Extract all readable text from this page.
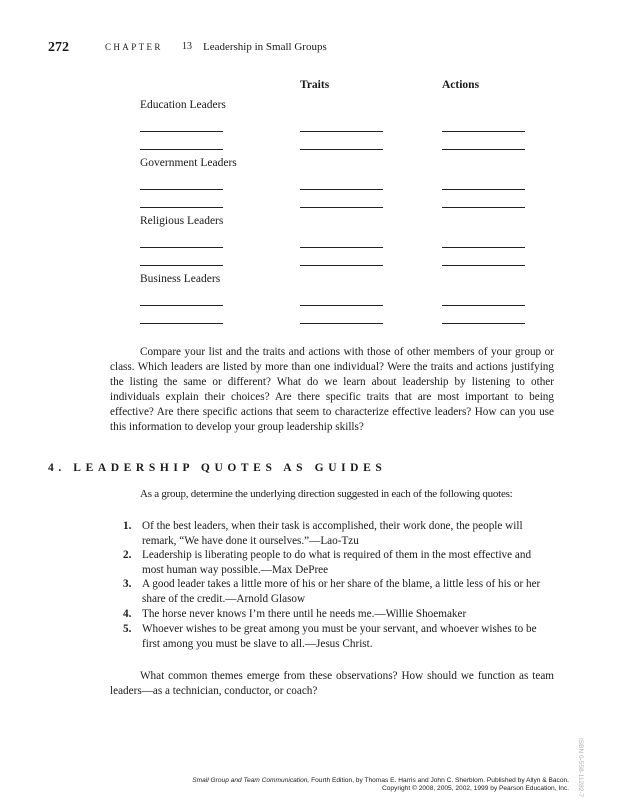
272	CHAPTER 13 Leadership in Small Groups
Traits	Actions
Education Leaders
Government Leaders
Religious Leaders
Business Leaders

Compare your list and the traits and actions with those of other members of your group or class. Which leaders are listed by more than one individual? Were the traits and actions justifying the listing the same or different? What do we learn about leadership by listening to other individuals explain their choices? Are there specific traits that are most important to being effective? Are there specific actions that seem to characterize effective leaders? How can you use this information to develop your group leadership skills?

4. LEADERSHIP QUOTES AS GUIDES
As a group, determine the underlying direction suggested in each of the following quotes:
1. Of the best leaders, when their task is accomplished, their work done, the people will remark, “We have done it ourselves.”—Lao-Tzu
2. Leadership is liberating people to do what is required of them in the most effective and most human way possible.—Max DePree
3. A good leader takes a little more of his or her share of the blame, a little less of his or her share of the credit.—Arnold Glasow
4. The horse never knows I’m there until he needs me.—Willie Shoemaker
5. Whoever wishes to be great among you must be your servant, and whoever wishes to be first among you must be slave to all.—Jesus Christ.

What common themes emerge from these observations? How should we function as team leaders—as a technician, conductor, or coach?

ISBN 0-558-11282-7
Small Group and Team Communication, Fourth Edition, by Thomas E. Harris and John C. Sherblom. Published by Allyn & Bacon.
Copyright © 2008, 2005, 2002, 1999 by Pearson Education, Inc.
